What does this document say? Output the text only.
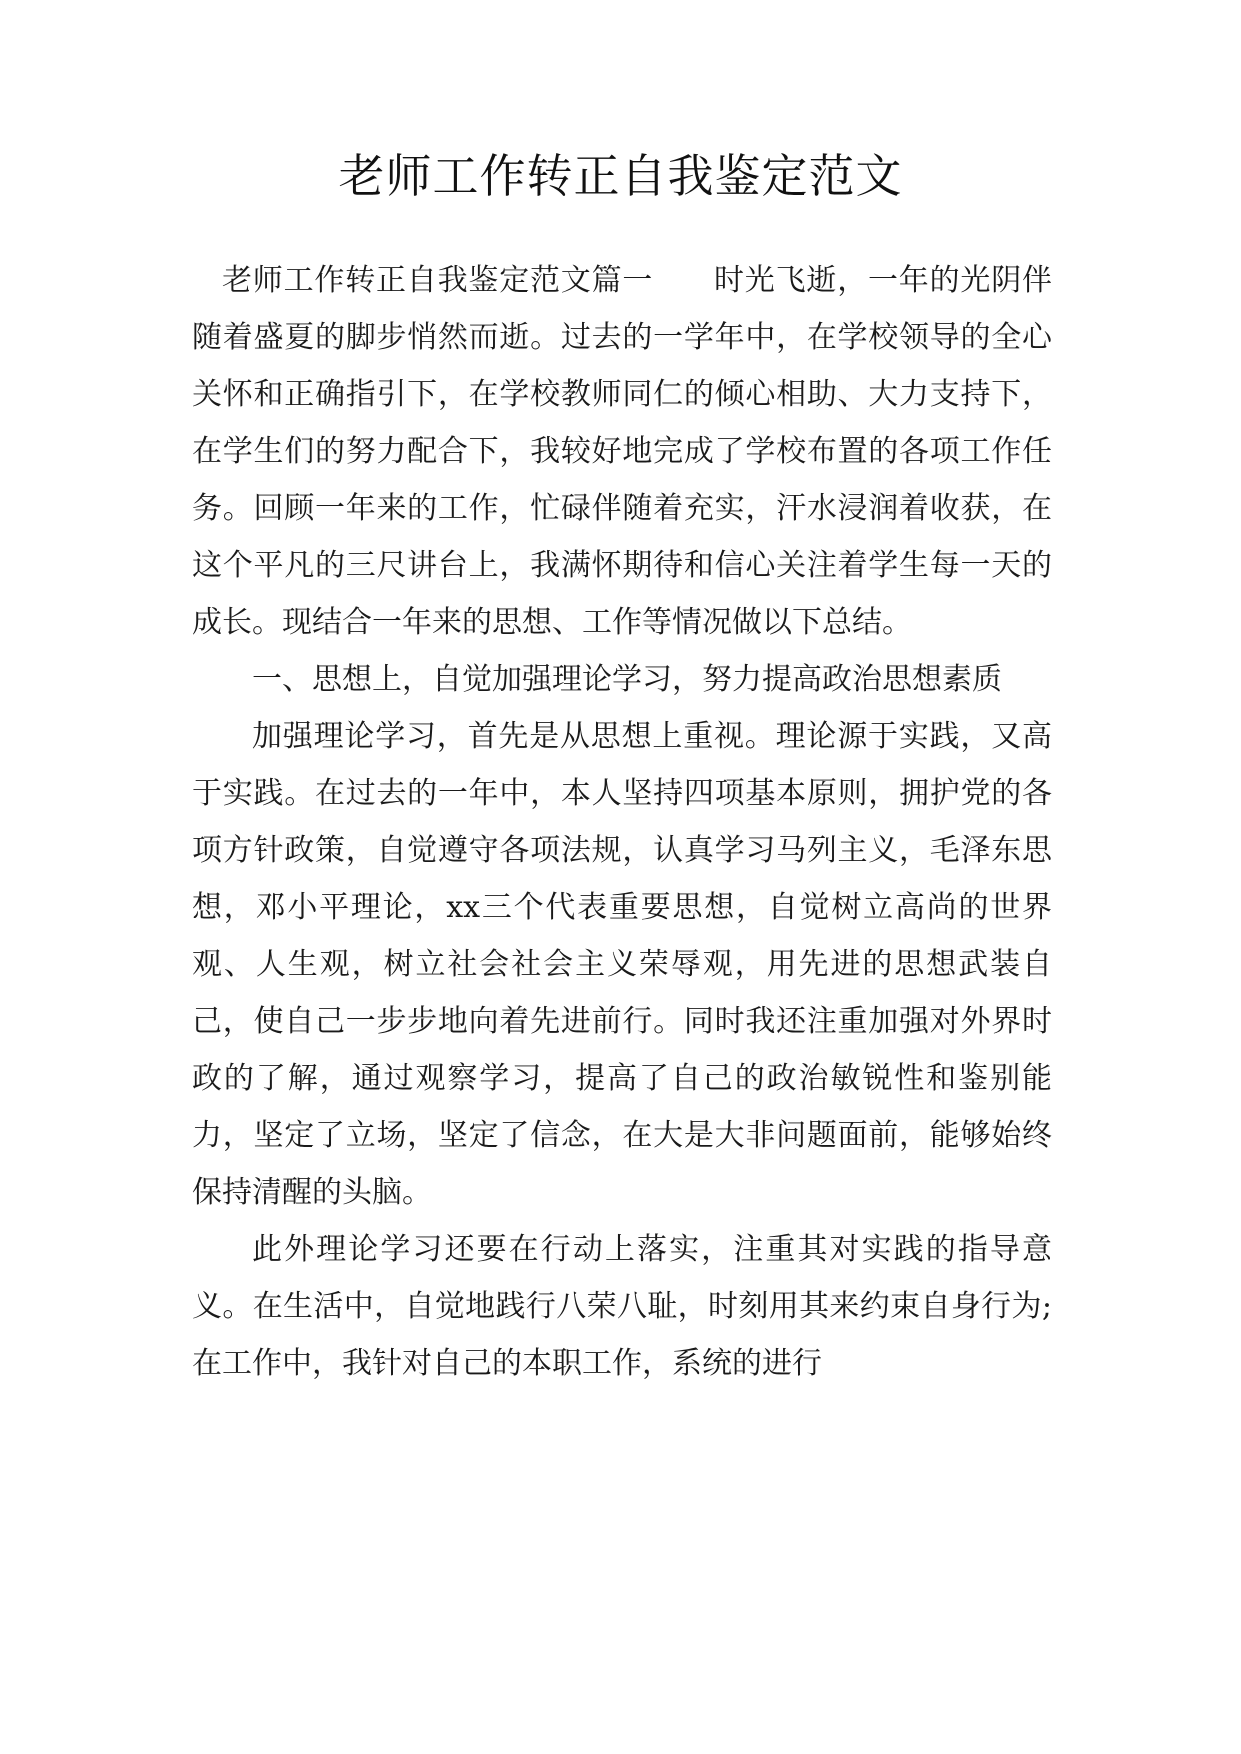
老师工作转正自我鉴定范文

老师工作转正自我鉴定范文篇一 时光飞逝，一年的光阴伴随着盛夏的脚步悄然而逝。过去的一学年中，在学校领导的全心关怀和正确指引下，在学校教师同仁的倾心相助、大力支持下，在学生们的努力配合下，我较好地完成了学校布置的各项工作任务。回顾一年来的工作，忙碌伴随着充实，汗水浸润着收获，在这个平凡的三尺讲台上，我满怀期待和信心关注着学生每一天的成长。现结合一年来的思想、工作等情况做以下总结。

一、思想上，自觉加强理论学习，努力提高政治思想素质

加强理论学习，首先是从思想上重视。理论源于实践，又高于实践。在过去的一年中，本人坚持四项基本原则，拥护党的各项方针政策，自觉遵守各项法规，认真学习马列主义，毛泽东思想，邓小平理论，xx三个代表重要思想，自觉树立高尚的世界观、人生观，树立社会社会主义荣辱观，用先进的思想武装自己，使自己一步步地向着先进前行。同时我还注重加强对外界时政的了解，通过观察学习，提高了自己的政治敏锐性和鉴别能力，坚定了立场，坚定了信念，在大是大非问题面前，能够始终保持清醒的头脑。

此外理论学习还要在行动上落实，注重其对实践的指导意义。在生活中，自觉地践行八荣八耻，时刻用其来约束自身行为;在工作中，我针对自己的本职工作，系统的进行
